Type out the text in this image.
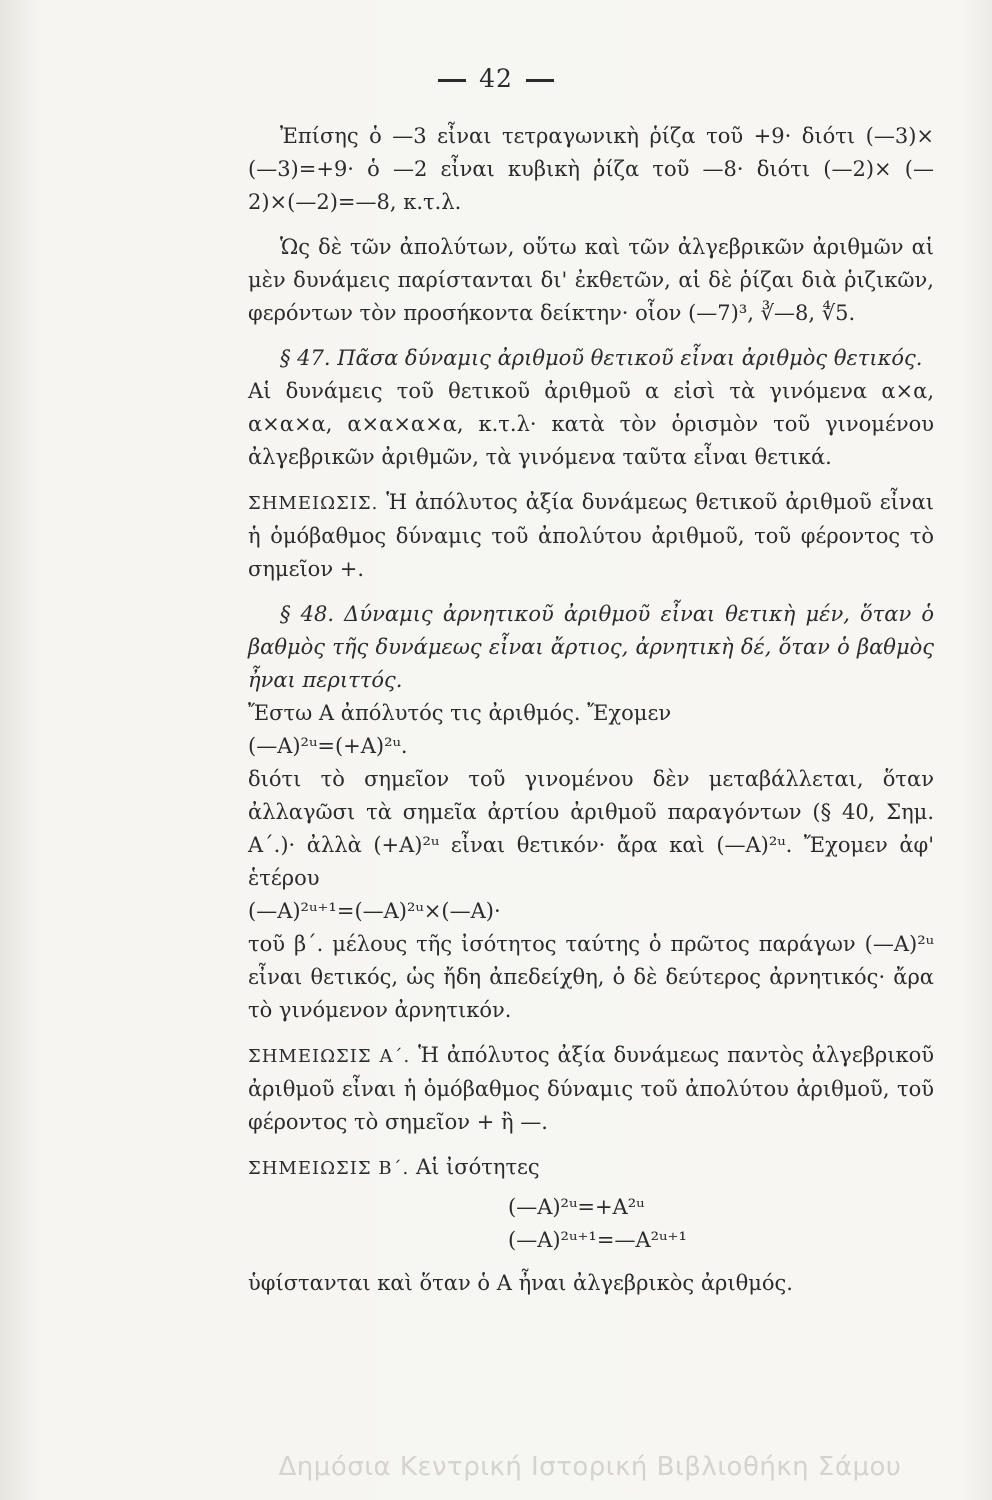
42

Ἐπίσης ὁ —3 εἶναι τετραγωνικὴ ῥίζα τοῦ +9· διότι (—3)× (—3)=+9· ὁ —2 εἶναι κυβικὴ ῥίζα τοῦ —8· διότι (—2)× (—2)×(—2)=—8, κ.τ.λ.

Ὡς δὲ τῶν ἀπολύτων, οὕτω καὶ τῶν ἀλγεβρικῶν ἀριθμῶν αἱ μὲν δυνάμεις παρίστανται δι' ἐκθετῶν, αἱ δὲ ῥίζαι διὰ ῥιζικῶν, φερόντων τὸν προσήκοντα δείκτην· οἷον (—7)³, ∛—8, ∜5.

§ 47. Πᾶσα δύναμις ἀριθμοῦ θετικοῦ εἶναι ἀριθμὸς θετικός.

Αἱ δυνάμεις τοῦ θετικοῦ ἀριθμοῦ α εἰσὶ τὰ γινόμενα α×α, α×α×α, α×α×α×α, κ.τ.λ· κατὰ τὸν ὁρισμὸν τοῦ γινομένου ἀλγεβρικῶν ἀριθμῶν, τὰ γινόμενα ταῦτα εἶναι θετικά.

ΣΗΜΕΙΩΣΙΣ. Ἡ ἀπόλυτος ἀξία δυνάμεως θετικοῦ ἀριθμοῦ εἶναι ἡ ὁμόβαθμος δύναμις τοῦ ἀπολύτου ἀριθμοῦ, τοῦ φέροντος τὸ σημεῖον +.

§ 48. Δύναμις ἀρνητικοῦ ἀριθμοῦ εἶναι θετικὴ μέν, ὅταν ὁ βαθμὸς τῆς δυνάμεως εἶναι ἄρτιος, ἀρνητικὴ δέ, ὅταν ὁ βαθμὸς ἦναι περιττός.

Ἔστω Α ἀπόλυτός τις ἀριθμός. Ἔχομεν

(—Α)²ᵘ=(+Α)²ᵘ.

διότι τὸ σημεῖον τοῦ γινομένου δὲν μεταβάλλεται, ὅταν ἀλλαγῶσι τὰ σημεῖα ἀρτίου ἀριθμοῦ παραγόντων (§ 40, Σημ. Α΄.)· ἀλλὰ (+Α)²ᵘ εἶναι θετικόν· ἄρα καὶ (—Α)²ᵘ. Ἔχομεν ἀφ' ἑτέρου

(—Α)²ᵘ⁺¹=(—Α)²ᵘ×(—Α)·

τοῦ β΄. μέλους τῆς ἰσότητος ταύτης ὁ πρῶτος παράγων (—Α)²ᵘ εἶναι θετικός, ὡς ἤδη ἀπεδείχθη, ὁ δὲ δεύτερος ἀρνητικός· ἄρα τὸ γινόμενον ἀρνητικόν.

ΣΗΜΕΙΩΣΙΣ Α΄. Ἡ ἀπόλυτος ἀξία δυνάμεως παντὸς ἀλγεβρικοῦ ἀριθμοῦ εἶναι ἡ ὁμόβαθμος δύναμις τοῦ ἀπολύτου ἀριθμοῦ, τοῦ φέροντος τὸ σημεῖον + ἢ —.

ΣΗΜΕΙΩΣΙΣ Β΄. Αἱ ἰσότητες

(—Α)²ᵘ=+Α²ᵘ
(—Α)²ᵘ⁺¹=—Α²ᵘ⁺¹

ὑφίστανται καὶ ὅταν ὁ Α ἦναι ἀλγεβρικὸς ἀριθμός.

Δημόσια Κεντρική Ιστορική Βιβλιοθήκη Σάμου
